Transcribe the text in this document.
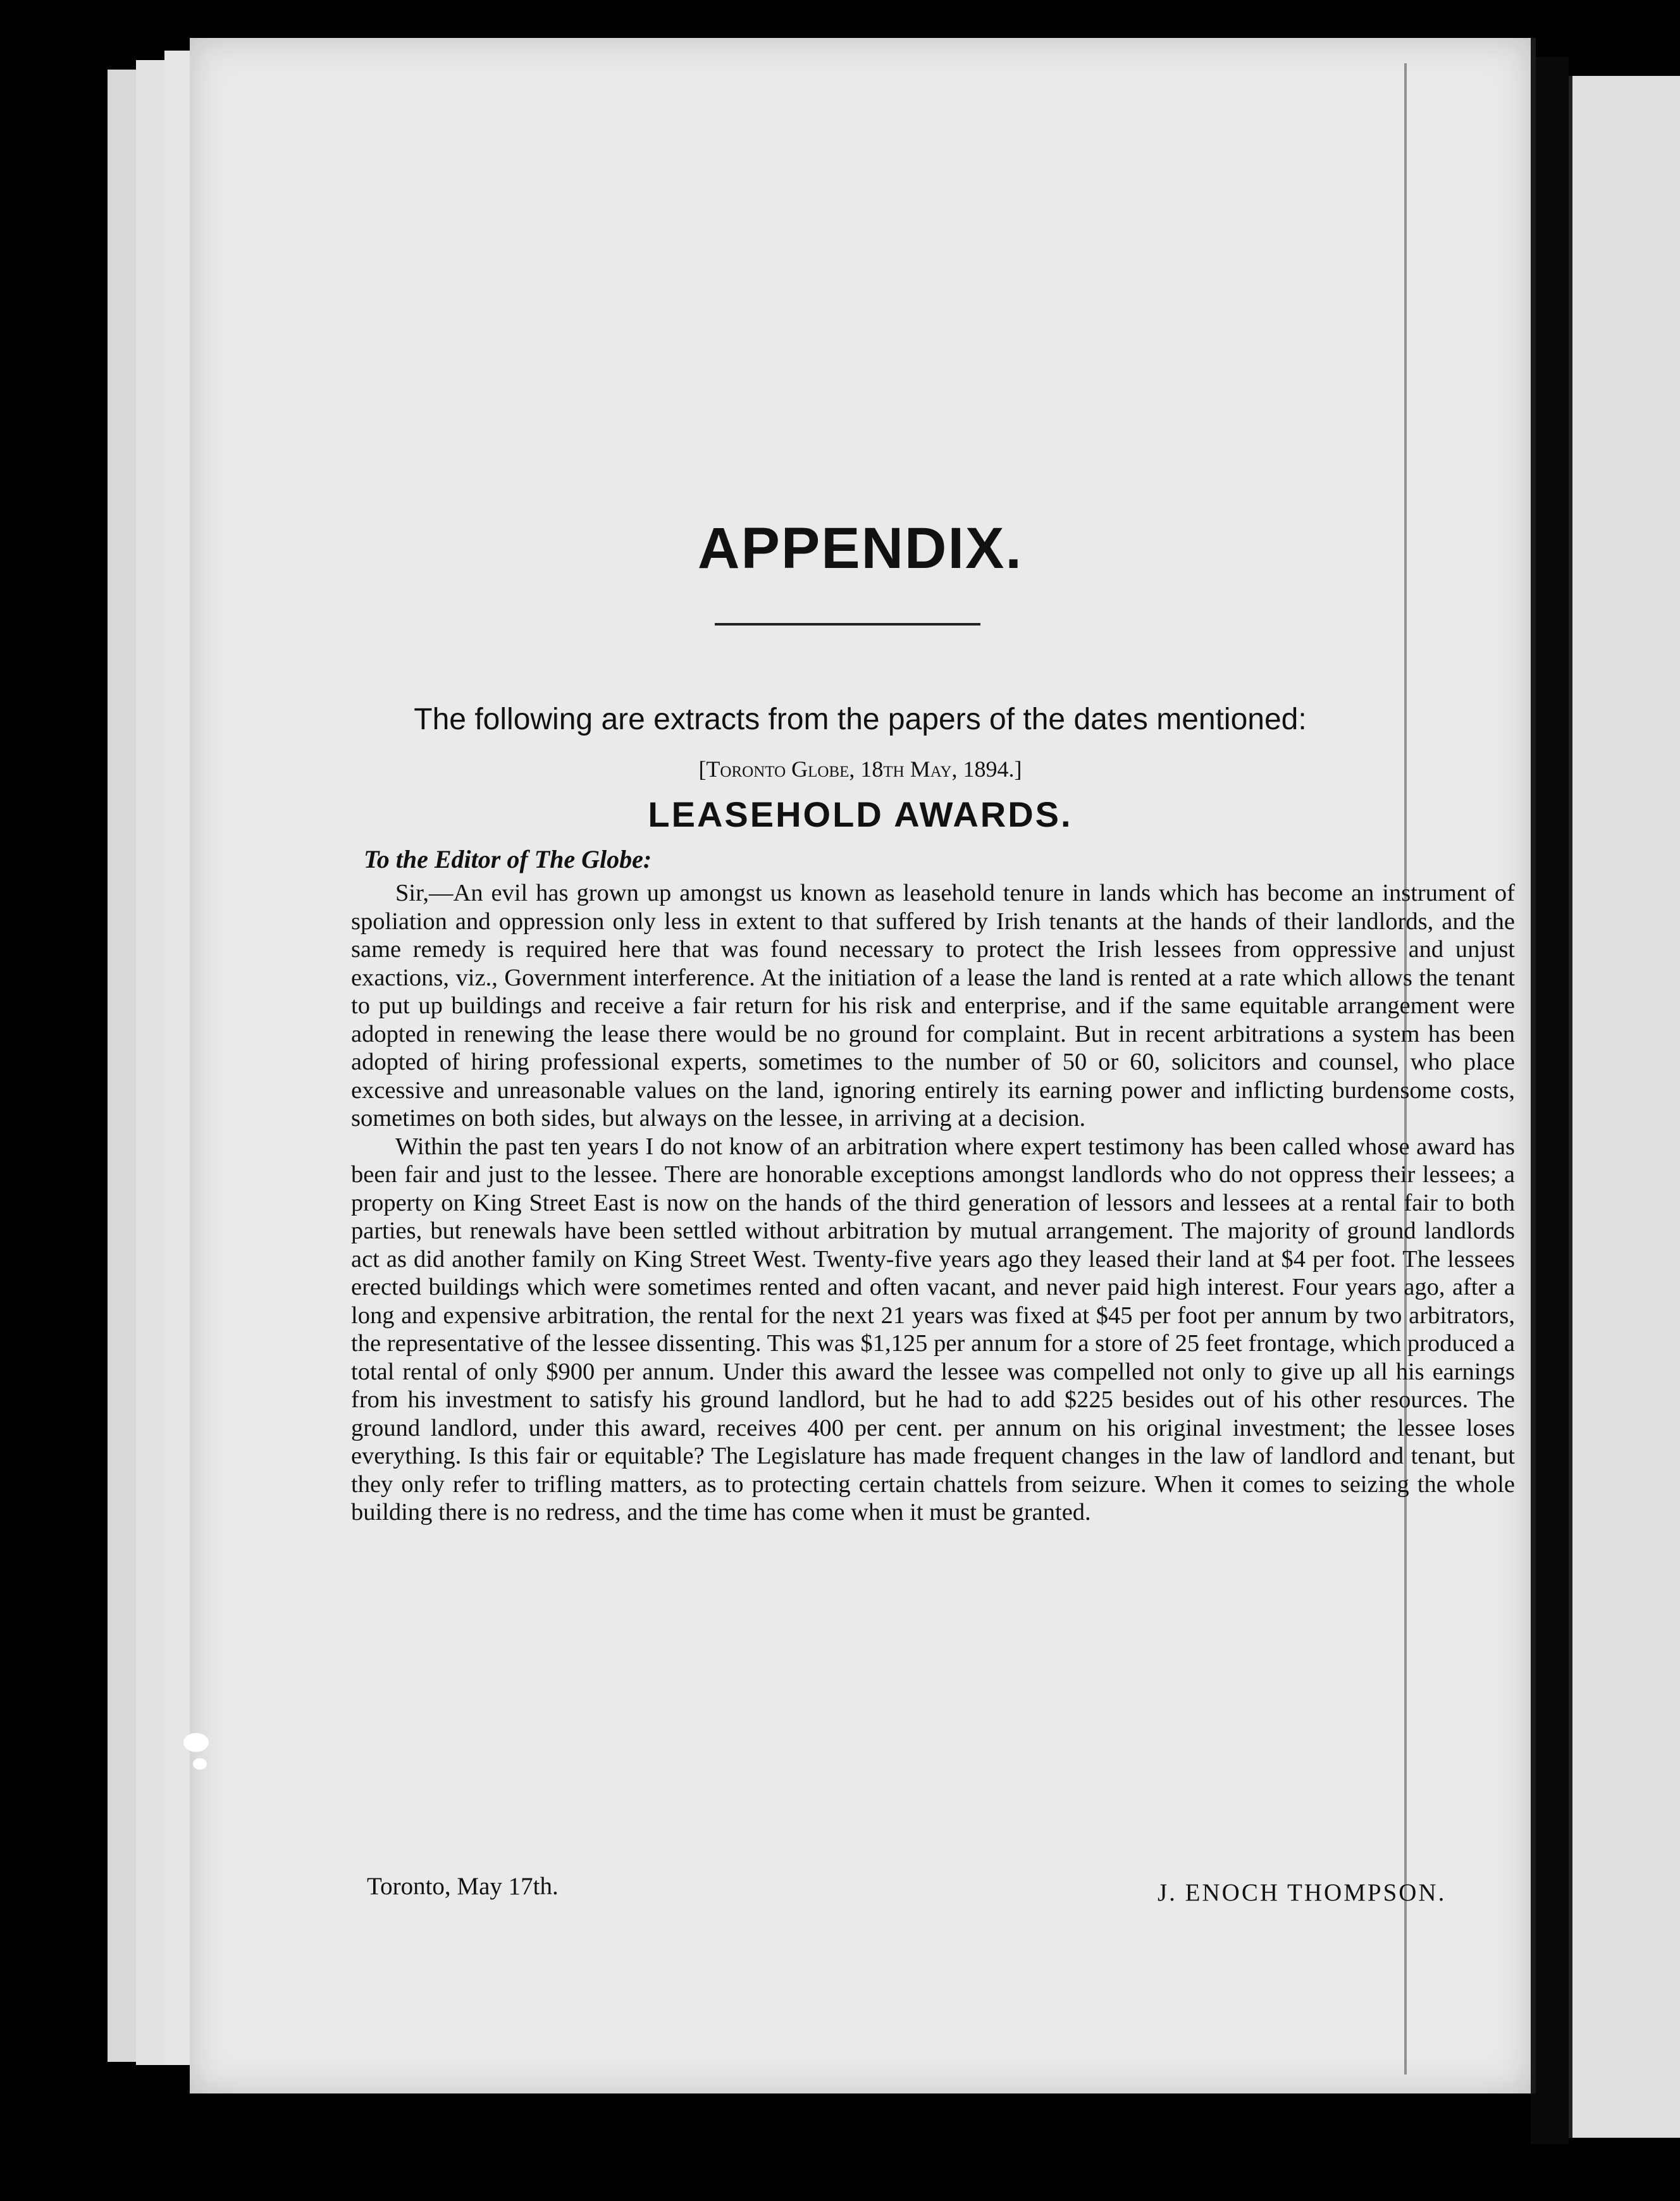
APPENDIX.
The following are extracts from the papers of the dates mentioned:
[Toronto Globe, 18th May, 1894.]
LEASEHOLD AWARDS.
To the Editor of The Globe:

Sir,—An evil has grown up amongst us known as leasehold tenure in lands which has become an instrument of spoliation and oppression only less in extent to that suffered by Irish tenants at the hands of their landlords, and the same remedy is required here that was found necessary to protect the Irish lessees from oppressive and unjust exactions, viz., Government interference. At the initiation of a lease the land is rented at a rate which allows the tenant to put up buildings and receive a fair return for his risk and enterprise, and if the same equitable arrangement were adopted in renewing the lease there would be no ground for complaint. But in recent arbitrations a system has been adopted of hiring professional experts, sometimes to the number of 50 or 60, solicitors and counsel, who place excessive and unreasonable values on the land, ignoring entirely its earning power and inflicting burdensome costs, sometimes on both sides, but always on the lessee, in arriving at a decision.

Within the past ten years I do not know of an arbitration where expert testimony has been called whose award has been fair and just to the lessee. There are honorable exceptions amongst landlords who do not oppress their lessees; a property on King Street East is now on the hands of the third generation of lessors and lessees at a rental fair to both parties, but renewals have been settled without arbitration by mutual arrangement. The majority of ground landlords act as did another family on King Street West. Twenty-five years ago they leased their land at $4 per foot. The lessees erected buildings which were sometimes rented and often vacant, and never paid high interest. Four years ago, after a long and expensive arbitration, the rental for the next 21 years was fixed at $45 per foot per annum by two arbitrators, the representative of the lessee dissenting. This was $1,125 per annum for a store of 25 feet frontage, which produced a total rental of only $900 per annum. Under this award the lessee was compelled not only to give up all his earnings from his investment to satisfy his ground landlord, but he had to add $225 besides out of his other resources. The ground landlord, under this award, receives 400 per cent. per annum on his original investment; the lessee loses everything. Is this fair or equitable? The Legislature has made frequent changes in the law of landlord and tenant, but they only refer to trifling matters, as to protecting certain chattels from seizure. When it comes to seizing the whole building there is no redress, and the time has come when it must be granted.

Toronto, May 17th.	J. ENOCH THOMPSON.
